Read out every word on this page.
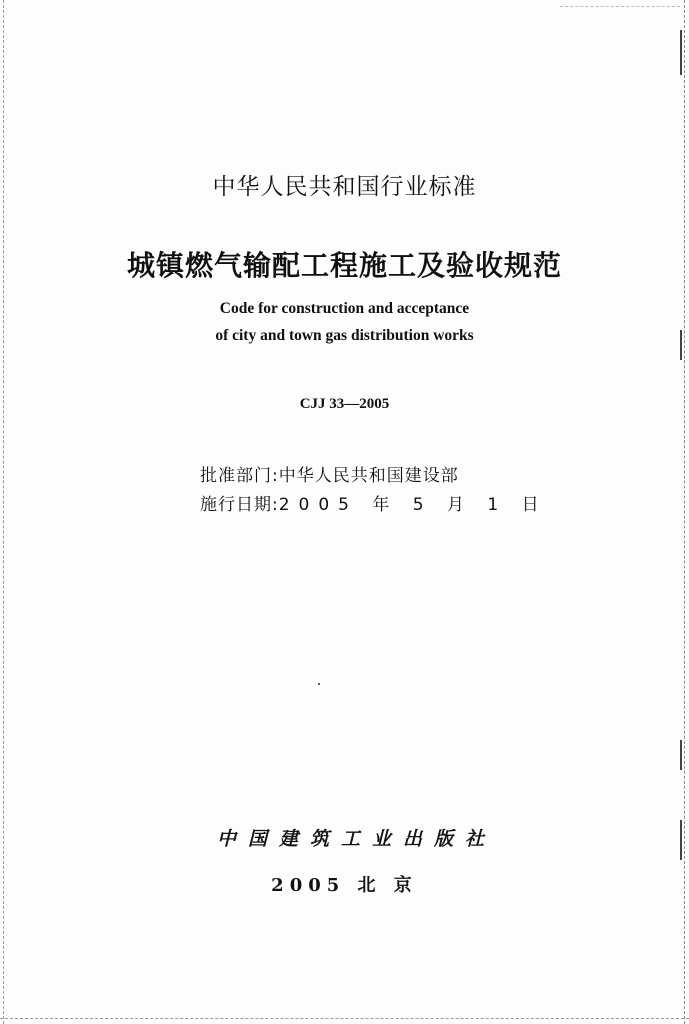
中华人民共和国行业标准
城镇燃气输配工程施工及验收规范
Code for construction and acceptance
of city and town gas distribution works
CJJ 33—2005
批准部门:中华人民共和国建设部
施行日期:2005 年 5 月 1 日
中国建筑工业出版社
2005 北 京
